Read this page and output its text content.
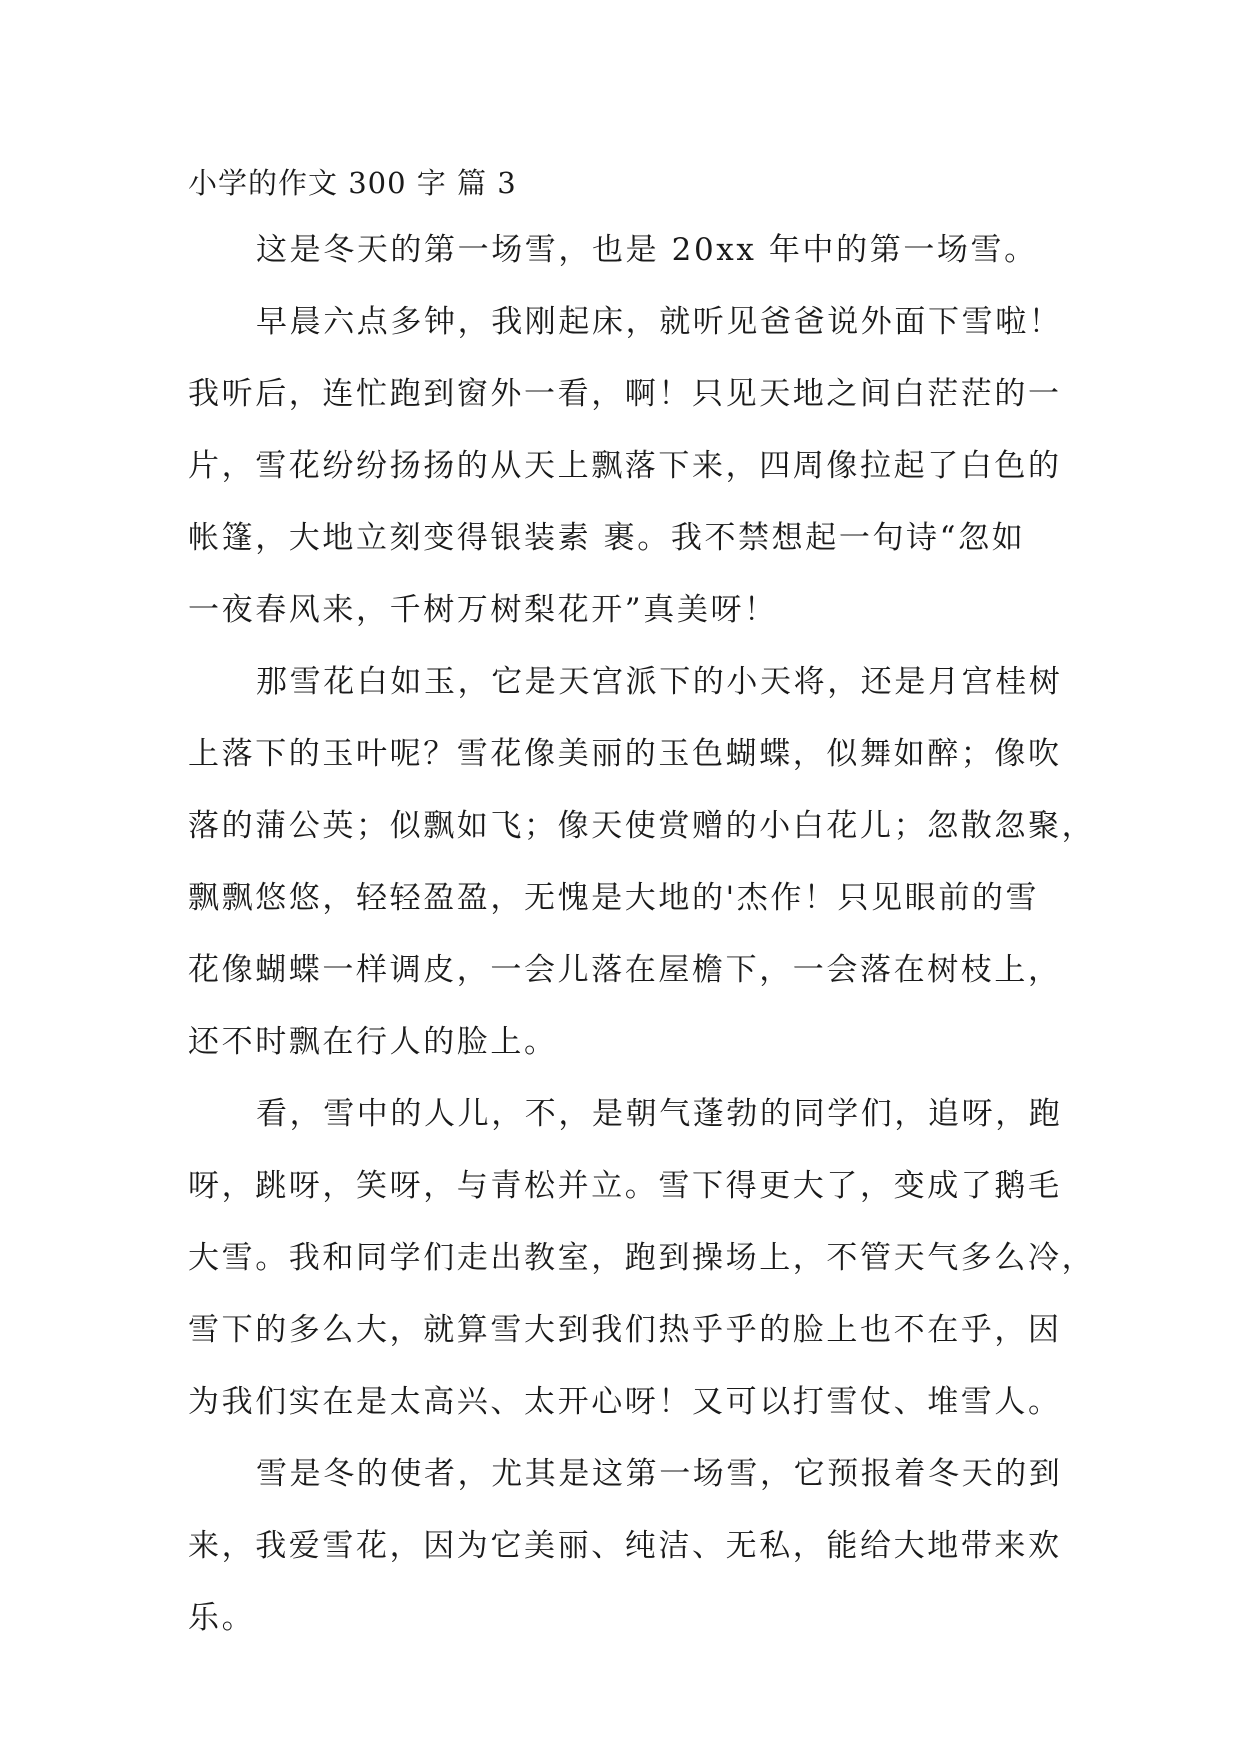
小学的作文 300 字 篇 3
这是冬天的第一场雪，也是 20xx 年中的第一场雪。
早晨六点多钟，我刚起床，就听见爸爸说外面下雪啦！
我听后，连忙跑到窗外一看，啊！只见天地之间白茫茫的一
片，雪花纷纷扬扬的从天上飘落下来，四周像拉起了白色的
帐篷，大地立刻变得银装素 裹。我不禁想起一句诗“忽如
一夜春风来，千树万树梨花开”真美呀！
那雪花白如玉，它是天宫派下的小天将，还是月宫桂树
上落下的玉叶呢？雪花像美丽的玉色蝴蝶，似舞如醉；像吹
落的蒲公英；似飘如飞；像天使赏赠的小白花儿；忽散忽聚，
飘飘悠悠，轻轻盈盈，无愧是大地的'杰作！只见眼前的雪
花像蝴蝶一样调皮，一会儿落在屋檐下，一会落在树枝上，
还不时飘在行人的脸上。
看，雪中的人儿，不，是朝气蓬勃的同学们，追呀，跑
呀，跳呀，笑呀，与青松并立。雪下得更大了，变成了鹅毛
大雪。我和同学们走出教室，跑到操场上，不管天气多么冷，
雪下的多么大，就算雪大到我们热乎乎的脸上也不在乎，因
为我们实在是太高兴、太开心呀！又可以打雪仗、堆雪人。
雪是冬的使者，尤其是这第一场雪，它预报着冬天的到
来，我爱雪花，因为它美丽、纯洁、无私，能给大地带来欢
乐。
